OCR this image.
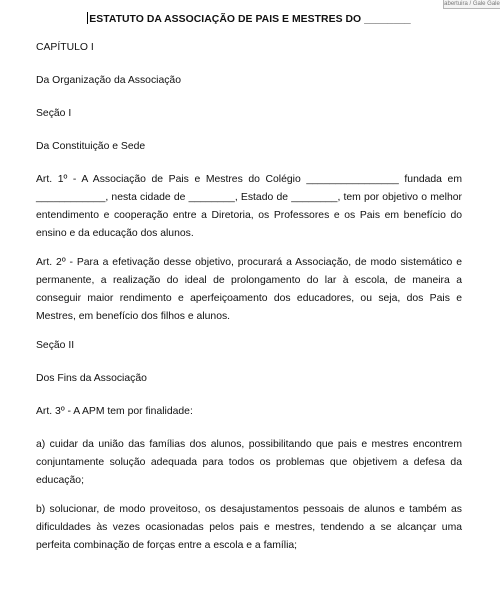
abertuira / Gale Gale
ESTATUTO DA ASSOCIAÇÃO DE PAIS E MESTRES DO ________
CAPÍTULO I
Da Organização da Associação
Seção I
Da Constituição e Sede
Art. 1º - A Associação de Pais e Mestres do Colégio ________________ fundada em ____________, nesta cidade de ________, Estado de ________, tem por objetivo o melhor entendimento e cooperação entre a Diretoria, os Professores e os Pais em benefício do ensino e da educação dos alunos.
Art. 2º - Para a efetivação desse objetivo, procurará a Associação, de modo sistemático e permanente, a realização do ideal de prolongamento do lar à escola, de maneira a conseguir maior rendimento e aperfeiçoamento dos educadores, ou seja, dos Pais e Mestres, em benefício dos filhos e alunos.
Seção II
Dos Fins da Associação
Art. 3º - A APM tem por finalidade:
a) cuidar da união das famílias dos alunos, possibilitando que pais e mestres encontrem conjuntamente solução adequada para todos os problemas que objetivem a defesa da educação;
b) solucionar, de modo proveitoso, os desajustamentos pessoais de alunos e também as dificuldades às vezes ocasionadas pelos pais e mestres, tendendo a se alcançar uma perfeita combinação de forças entre a escola e a família;
